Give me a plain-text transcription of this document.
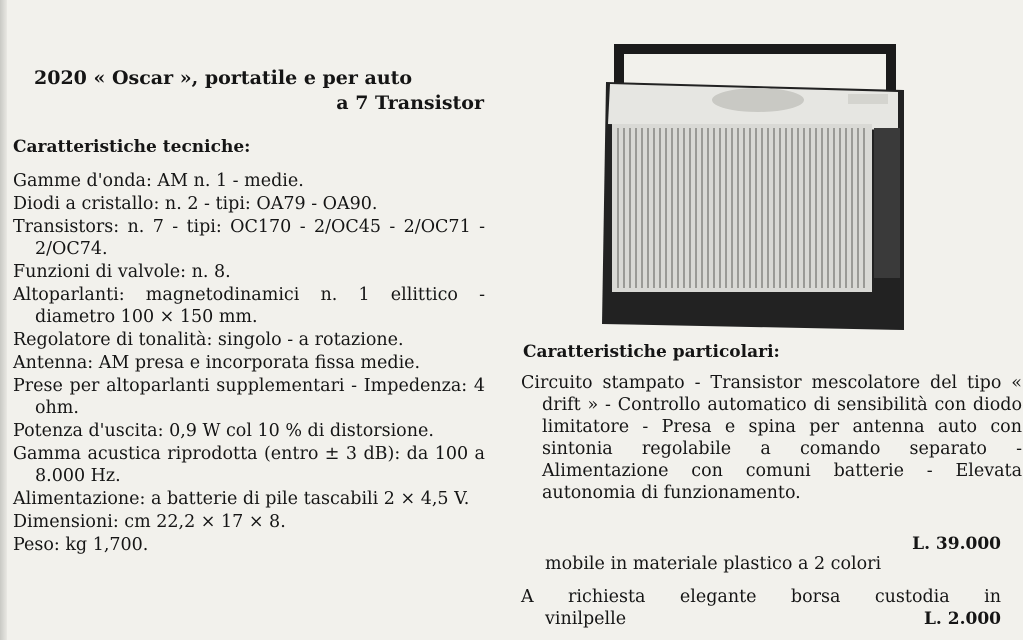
2020 « Oscar », portatile e per auto
a 7 Transistor
Caratteristiche tecniche:
Gamme d'onda: AM n. 1 - medie.
Diodi a cristallo: n. 2 - tipi: OA79 - OA90.
Transistors: n. 7 - tipi: OC170 - 2/OC45 - 2/OC71 - 2/OC74.
Funzioni di valvole: n. 8.
Altoparlanti: magnetodinamici n. 1 ellittico - diametro 100 × 150 mm.
Regolatore di tonalità: singolo - a rotazione.
Antenna: AM presa e incorporata fissa medie.
Prese per altoparlanti supplementari - Impedenza: 4 ohm.
Potenza d'uscita: 0,9 W col 10 % di distorsione.
Gamma acustica riprodotta (entro ± 3 dB): da 100 a 8.000 Hz.
Alimentazione: a batterie di pile tascabili 2 × 4,5 V.
Dimensioni: cm 22,2 × 17 × 8.
Peso: kg 1,700.
Caratteristiche particolari:
Circuito stampato - Transistor mescolatore del tipo « drift » - Controllo automatico di sensibilità con diodo limitatore - Presa e spina per antenna auto con sintonia regolabile a comando separato - Alimentazione con comuni batterie - Elevata autonomia di funzionamento.
L. 39.000
mobile in materiale plastico a 2 colori
A richiesta elegante borsa custodia in
vinilpelle	L. 2.000
